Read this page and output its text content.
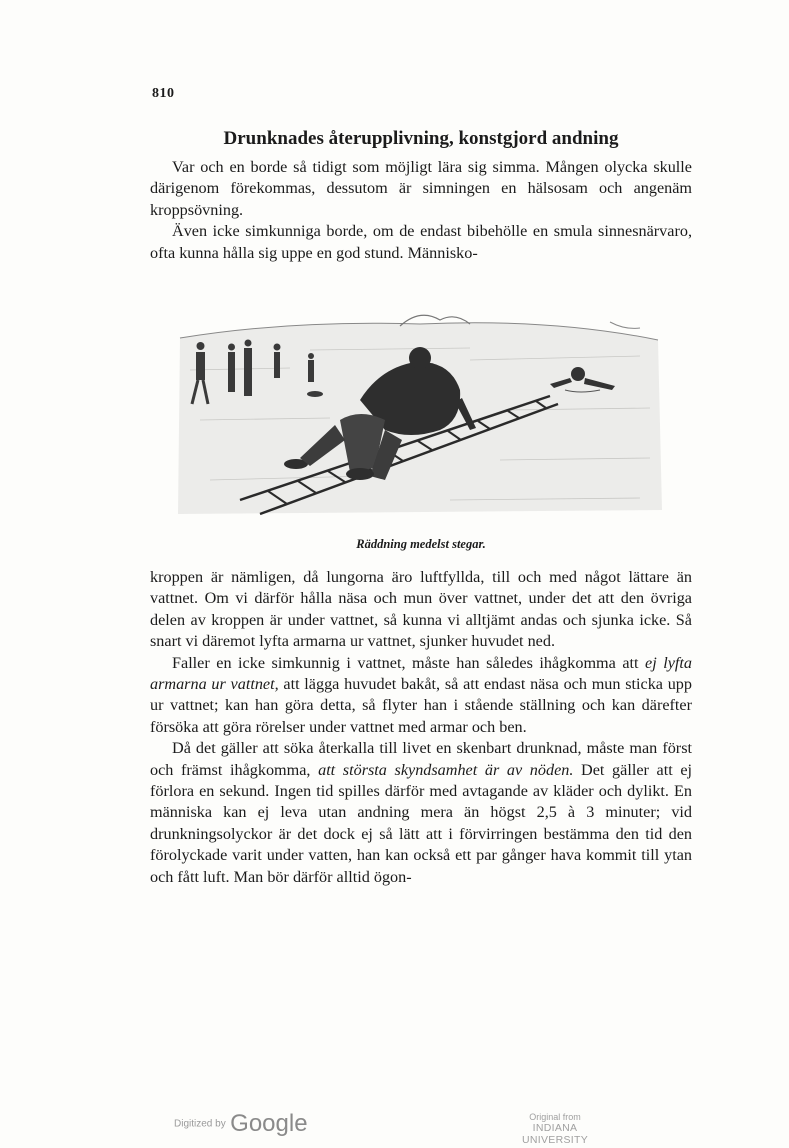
810
Drunknades återupplivning, konstgjord andning

Var och en borde så tidigt som möjligt lära sig simma. Mången olycka skulle därigenom förekommas, dessutom är simningen en hälsosam och angenäm kroppsövning.

Även icke simkunniga borde, om de endast bibehölle en smula sinnesnärvaro, ofta kunna hålla sig uppe en god stund. Människo-

Räddning medelst stegar.

kroppen är nämligen, då lungorna äro luftfyllda, till och med något lättare än vattnet. Om vi därför hålla näsa och mun över vattnet, under det att den övriga delen av kroppen är under vattnet, så kunna vi alltjämt andas och sjunka icke. Så snart vi däremot lyfta armarna ur vattnet, sjunker huvudet ned.

Faller en icke simkunnig i vattnet, måste han således ihågkomma att ej lyfta armarna ur vattnet, att lägga huvudet bakåt, så att endast näsa och mun sticka upp ur vattnet; kan han göra detta, så flyter han i stående ställning och kan därefter försöka att göra rörelser under vattnet med armar och ben.

Då det gäller att söka återkalla till livet en skenbart drunknad, måste man först och främst ihågkomma, att största skyndsamhet är av nöden. Det gäller att ej förlora en sekund. Ingen tid spilles därför med avtagande av kläder och dylikt. En människa kan ej leva utan andning mera än högst 2,5 à 3 minuter; vid drunkningsolyckor är det dock ej så lätt att i förvirringen bestämma den tid den förolyckade varit under vatten, han kan också ett par gånger hava kommit till ytan och fått luft. Man bör därför alltid ögon-

Digitized by Google	Original from
INDIANA UNIVERSITY
